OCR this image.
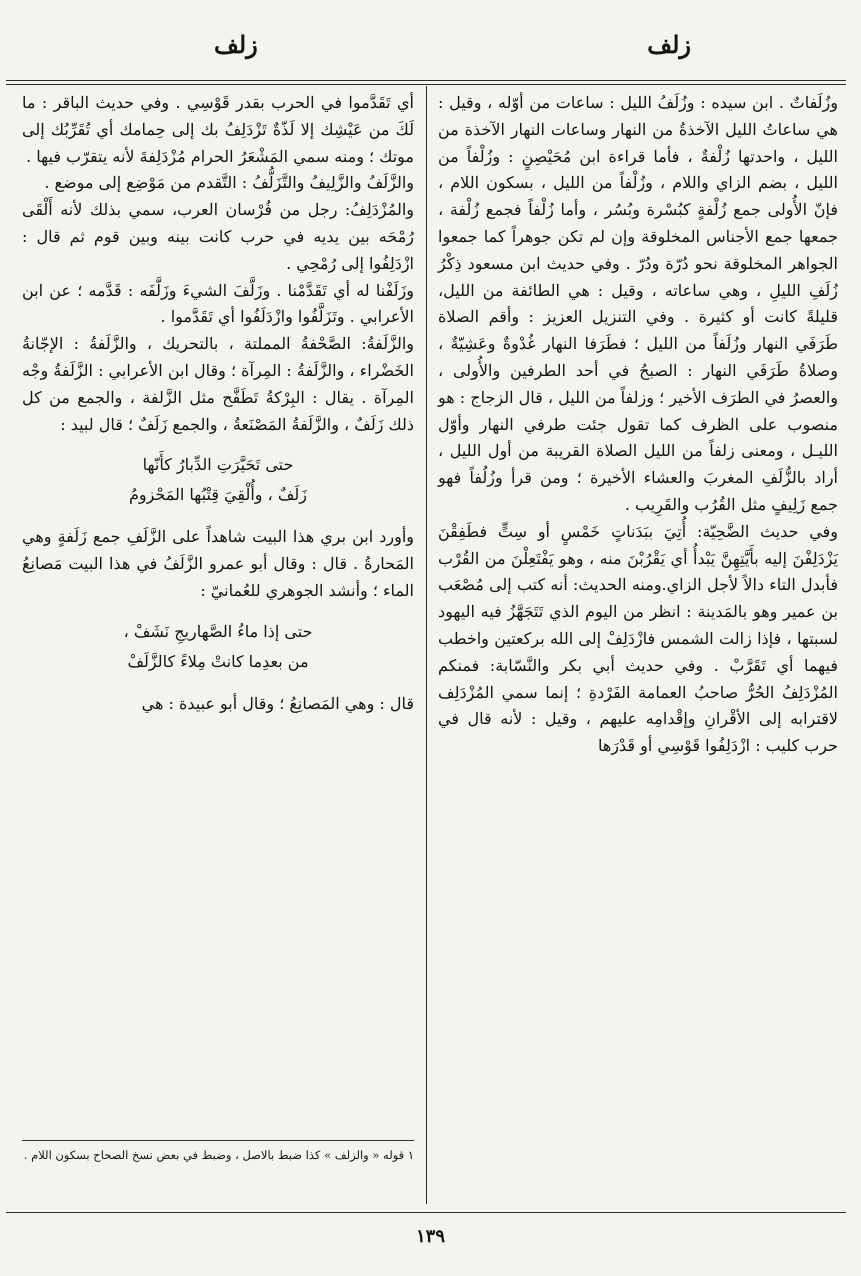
زلف
زلف

وزُلَفاتٌ . ابن سيده : وزُلَفُ الليل : ساعات من أوّله ، وقيل : هي ساعاتُ الليل الآخذةُ من النهار وساعات النهار الآخذة من الليل ، واحدتها زُلْفةٌ ، فأما قراءة ابن مُحَيْصِنٍ : وزُلْفاً من الليل ، بضم الزاي واللام ، وزُلْفاً من الليل ، بسكون اللام ، فإنّ الأُولى جمع زُلْفةٍ كبُسْرة وبُسُر ، وأما زُلْفاً فجمع زُلْفة ، جمعها جمع الأجناس المخلوقة وإن لم تكن جوهراً كما جمعوا الجواهر المخلوقة نحو دُرّة ودُرّ . وفي حديث ابن مسعود ذِكْرُ زُلَفِ الليلِ ، وهي ساعاته ، وقيل : هي الطائفة من الليل، قليلةً كانت أو كثيرة . وفي التنزيل العزيز : وأقم الصلاة طَرَفَي النهار وزُلَفاً من الليل ؛ فطَرَفا النهار غُدْوةٌ وعَشِيّةٌ ، وصلاةُ طَرَفَي النهار : الصبحُ في أحد الطرفين والأُولى ، والعصرُ في الطرَف الأخير ؛ وزلفاً من الليل ، قال الزجاج : هو منصوب على الظرف كما تقول جئت طرفي النهار وأوّل الليـل ، ومعنى زلفاً من الليل الصلاة القريبة من أول الليل ، أراد بالزُّلَفِ المغربَ والعشاء الأخيرة ؛ ومن قرأ وزُلُفاً فهو جمع زَلِيفٍ مثل القُرُب والقَرِيب .

وفي حديث الضَّحِيّة: أُتِيَ ببَدَناتٍ خَمْسٍ أو سِتٍّ فطَفِقْنَ يَزْدَلِفْنَ إليه بأَيَّتِهِنَّ يَبْدأُ أي يَقْرُبْنَ منه ، وهو يَفْتَعِلْنَ من القُرْب فأبدل التاء دالاً لأجل الزاي.ومنه الحديث: أنه كتب إلى مُصْعَب بن عمير وهو بالمَدينة : انظر من اليوم الذي تَتَجَهَّزُ فيه اليهود لسبتها ، فإذا زالت الشمس فازْدَلِفْ إلى الله بركعتين واخطب فيهما أي تَقَرَّبْ . وفي حديث أبي بكر والنَّسّابة: فمنكم المُزْدَلِفُ الحُرُّ صاحبُ العمامة الفَرْدةِ ؛ إنما سمي المُزْدَلِف لاقترابه إلى الأقْرانِ وإقْدامِه عليهم ، وقيل : لأنه قال في حرب كليب : ازْدَلِفُوا قَوْسِي أو قَدْرَها

أي تَقَدَّموا في الحرب بقدر قَوْسِي . وفي حديث الباقر : ما لَكَ من عَيْشِك إلا لَذّةٌ تَزْدَلِفُ بك إلى حِمامك أي تُقَرِّبُك إلى موتك ؛ ومنه سمي المَشْعَرُ الحرام مُزْدَلِفةَ لأنه يتقرّب فيها .

والزَّلَفُ والزَّلِيفُ والتَّزَلُّفُ : التَّقدم من مَوْضِع إلى موضع .

والمُزْدَلِفُ: رجل من فُرْسان العرب، سمي بذلك لأنه أَلْقَى رُمْحَه بين يديه في حرب كانت بينه وبين قوم ثم قال : ازْدَلِفُوا إلى رُمْحِي .

وزَلَفْنا له أي تَقَدَّمْنا . وزَلَّفَ الشيءَ وزَلَّفَه : قَدَّمه ؛ عن ابن الأعرابي . وتَزَلَّفُوا وازْدَلَفُوا أي تَقَدَّموا .

والزَّلَفةُ: الصَّحْفةُ المملتة ، بالتحريك ، والزَّلَفةُ : الإجّانةُ الخَضْراء ، والزَّلَفةُ : المِرآة ؛ وقال ابن الأعرابي : الزَّلَفةُ وجْه المِرآة . يقال : البِرْكةُ تَطَفَّح مثل الزَّلفة ، والجمع من كل ذلك زَلَفٌ ، والزَّلَفةُ المَصْنَعةُ ، والجمع زَلَفٌ ؛ قال لبيد :

حتى تَحَيَّرَتِ الدِّبارُ كأَنّها
زَلَفٌ ، وأُلْقِيَ قِتْبُها المَحْزومُ

وأورد ابن بري هذا البيت شاهداً على الزَّلَفِ جمع زَلَفةٍ وهي المَحارةُ . قال : وقال أبو عمرو الزَّلَفُ في هذا البيت مَصانِعُ الماء ؛ وأنشد الجوهري للعُمانيّ :

حتى إذا ماءُ الصَّهاريجِ نَشَفْ ،
من بعدِما كانتْ مِلاءً كالزَّلَفْ

قال : وهي المَصانِعُ ؛ وقال أبو عبيدة : هي

١ قوله « والزلف » كذا ضبط بالاصل ، وضبط في بعض نسخ الصحاح بسكون اللام .
١٣٩
